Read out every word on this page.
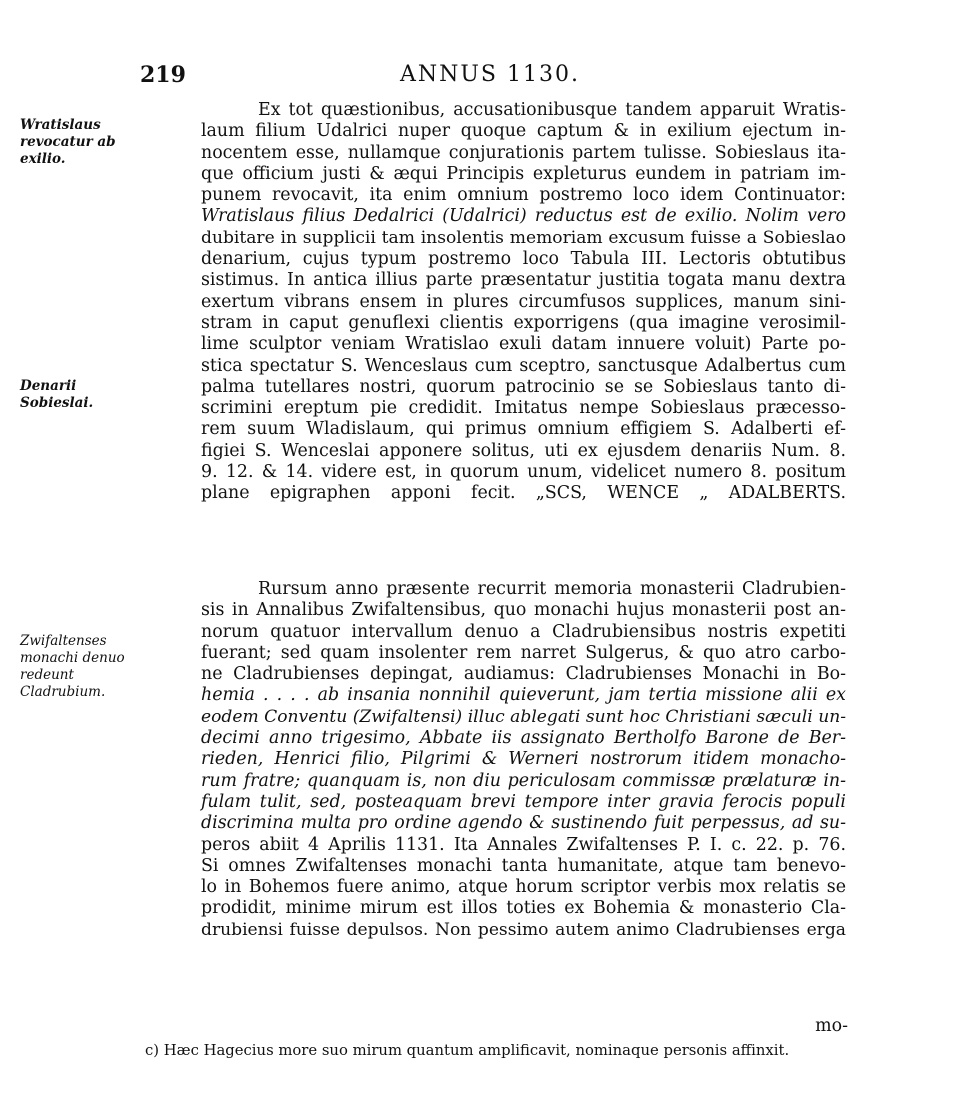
219	ANNUS 1130.
Wratislaus revocatur ab exilio.
Denarii Sobieslai.
Zwifaltenses monachi denuo redeunt Cladrubium.
Ex tot quæstionibus, accusationibusque tandem apparuit Wratis-
laum filium Udalrici nuper quoque captum & in exilium ejectum in-
nocentem esse, nullamque conjurationis partem tulisse. Sobieslaus ita-
que officium justi & æqui Principis expleturus eundem in patriam im-
punem revocavit, ita enim omnium postremo loco idem Continuator:
Wratislaus filius Dedalrici (Udalrici) reductus est de exilio. Nolim vero
dubitare in supplicii tam insolentis memoriam excusum fuisse a Sobieslao
denarium, cujus typum postremo loco Tabula III. Lectoris obtutibus
sistimus. In antica illius parte præsentatur justitia togata manu dextra
exertum vibrans ensem in plures circumfusos supplices, manum sini-
stram in caput genuflexi clientis exporrigens (qua imagine verosimil-
lime sculptor veniam Wratislao exuli datam innuere voluit) Parte po-
stica spectatur S. Wenceslaus cum sceptro, sanctusque Adalbertus cum
palma tutellares nostri, quorum patrocinio se se Sobieslaus tanto di-
scrimini ereptum pie credidit. Imitatus nempe Sobieslaus præcesso-
rem suum Wladislaum, qui primus omnium effigiem S. Adalberti ef-
figiei S. Wenceslai apponere solitus, uti ex ejusdem denariis Num. 8.
9. 12. & 14. videre est, in quorum unum, videlicet numero 8. positum
plane epigraphen apponi fecit. „SCS, WENCE „ ADALBERTS.
Rursum anno præsente recurrit memoria monasterii Cladrubien-
sis in Annalibus Zwifaltensibus, quo monachi hujus monasterii post an-
norum quatuor intervallum denuo a Cladrubiensibus nostris expetiti
fuerant; sed quam insolenter rem narret Sulgerus, & quo atro carbo-
ne Cladrubienses depingat, audiamus: Cladrubienses Monachi in Bo-
hemia . . . . ab insania nonnihil quieverunt, jam tertia missione alii ex
eodem Conventu (Zwifaltensi) illuc ablegati sunt hoc Christiani sæculi un-
decimi anno trigesimo, Abbate iis assignato Bertholfo Barone de Ber-
rieden, Henrici filio, Pilgrimi & Werneri nostrorum itidem monacho-
rum fratre; quanquam is, non diu periculosam commissæ prælaturæ in-
fulam tulit, sed, posteaquam brevi tempore inter gravia ferocis populi
discrimina multa pro ordine agendo & sustinendo fuit perpessus, ad su-
peros abiit 4 Aprilis 1131. Ita Annales Zwifaltenses P. I. c. 22. p. 76.
Si omnes Zwifaltenses monachi tanta humanitate, atque tam benevo-
lo in Bohemos fuere animo, atque horum scriptor verbis mox relatis se
prodidit, minime mirum est illos toties ex Bohemia & monasterio Cla-
drubiensi fuisse depulsos. Non pessimo autem animo Cladrubienses erga
mo-
c) Hæc Hagecius more suo mirum quantum amplificavit, nominaque personis affinxit.
